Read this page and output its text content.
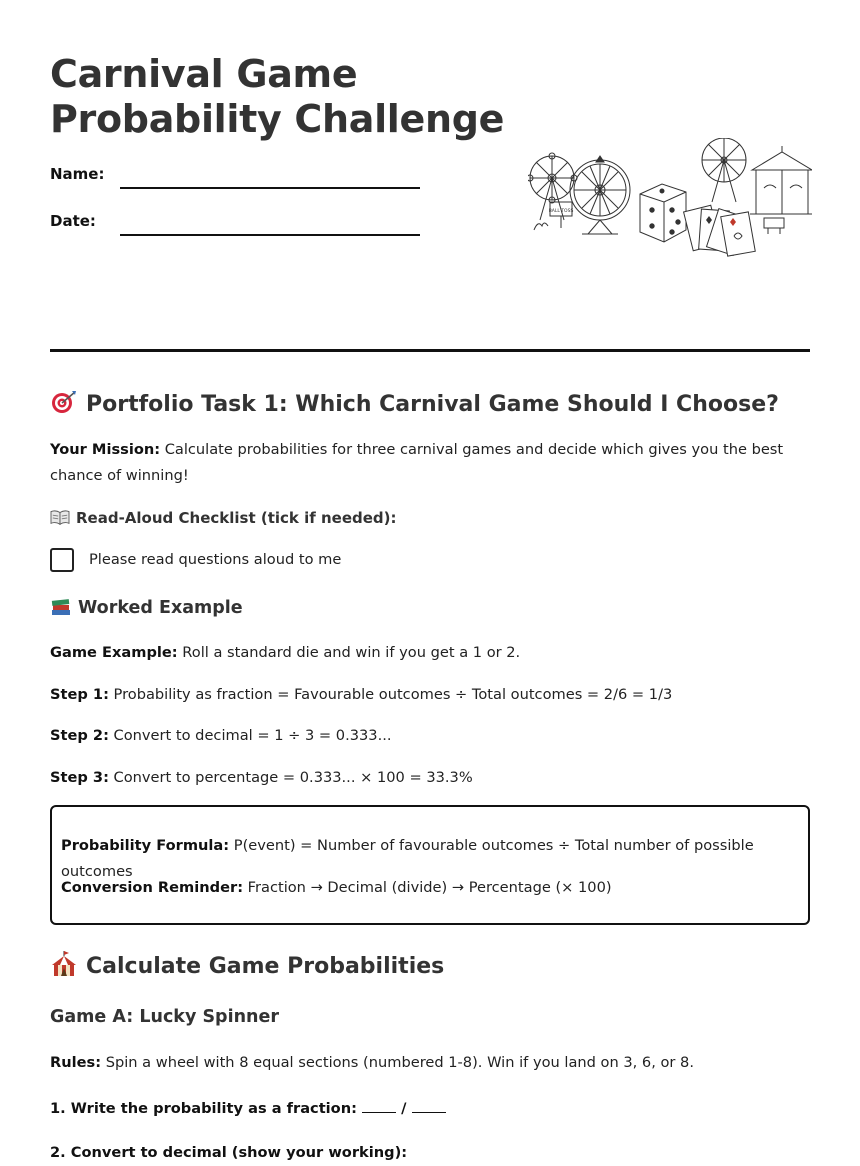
Carnival Game
Probability Challenge
Name:
Date:
BALL TOSS
Portfolio Task 1: Which Carnival Game Should I Choose?

Your Mission: Calculate probabilities for three carnival games and decide which gives you the best chance of winning!

Read-Aloud Checklist (tick if needed):
Please read questions aloud to me
Worked Example

Game Example: Roll a standard die and win if you get a 1 or 2.

Step 1: Probability as fraction = Favourable outcomes ÷ Total outcomes = 2/6 = 1/3

Step 2: Convert to decimal = 1 ÷ 3 = 0.333...

Step 3: Convert to percentage = 0.333... × 100 = 33.3%

Probability Formula: P(event) = Number of favourable outcomes ÷ Total number of possible outcomes

Conversion Reminder: Fraction → Decimal (divide) → Percentage (× 100)

Calculate Game Probabilities
Game A: Lucky Spinner

Rules: Spin a wheel with 8 equal sections (numbered 1-8). Win if you land on 3, 6, or 8.

1. Write the probability as a fraction:  /

2. Convert to decimal (show your working):
